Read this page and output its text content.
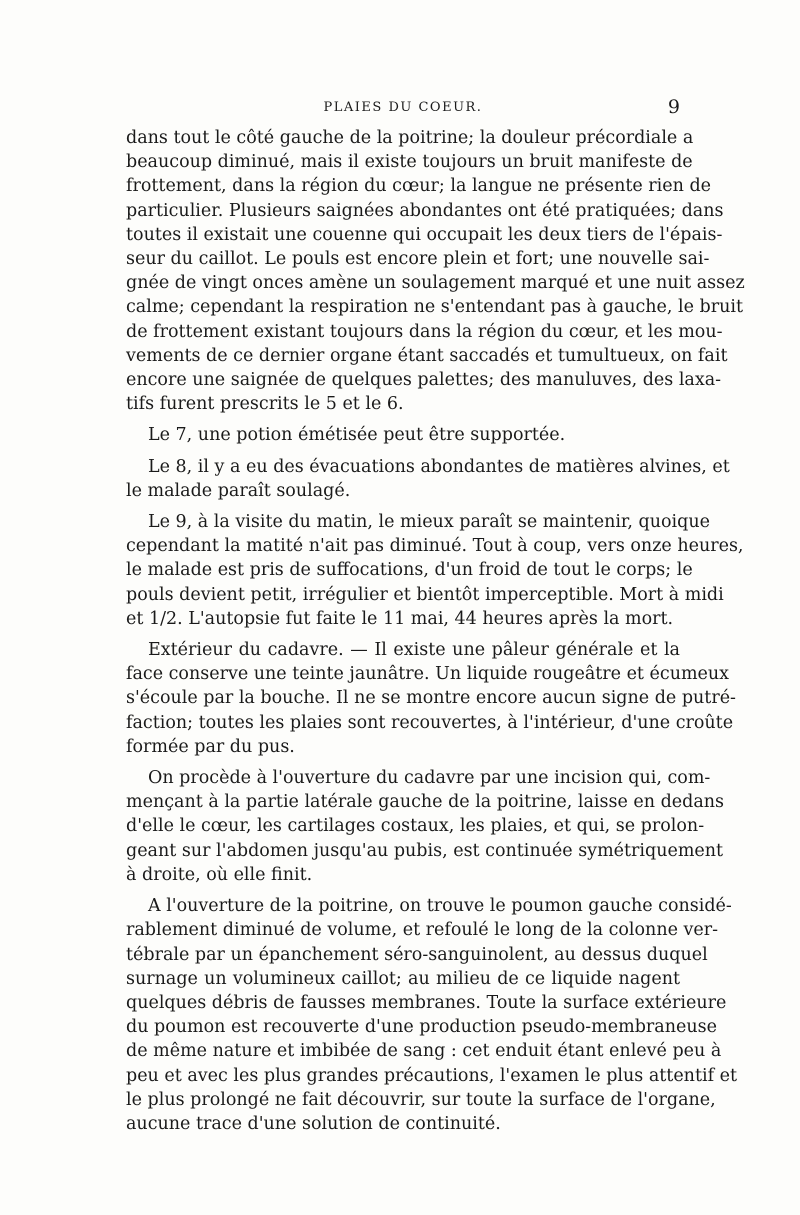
PLAIES DU COEUR.	9

dans tout le côté gauche de la poitrine; la douleur précordiale a
beaucoup diminué, mais il existe toujours un bruit manifeste de
frottement, dans la région du cœur; la langue ne présente rien de
particulier. Plusieurs saignées abondantes ont été pratiquées; dans
toutes il existait une couenne qui occupait les deux tiers de l'épais-
seur du caillot. Le pouls est encore plein et fort; une nouvelle sai-
gnée de vingt onces amène un soulagement marqué et une nuit assez
calme; cependant la respiration ne s'entendant pas à gauche, le bruit
de frottement existant toujours dans la région du cœur, et les mou-
vements de ce dernier organe étant saccadés et tumultueux, on fait
encore une saignée de quelques palettes; des manuluves, des laxa-
tifs furent prescrits le 5 et le 6.

Le 7, une potion émétisée peut être supportée.

Le 8, il y a eu des évacuations abondantes de matières alvines, et
le malade paraît soulagé.

Le 9, à la visite du matin, le mieux paraît se maintenir, quoique
cependant la matité n'ait pas diminué. Tout à coup, vers onze heures,
le malade est pris de suffocations, d'un froid de tout le corps; le
pouls devient petit, irrégulier et bientôt imperceptible. Mort à midi
et 1/2. L'autopsie fut faite le 11 mai, 44 heures après la mort.

Extérieur du cadavre. — Il existe une pâleur générale et la
face conserve une teinte jaunâtre. Un liquide rougeâtre et écumeux
s'écoule par la bouche. Il ne se montre encore aucun signe de putré-
faction; toutes les plaies sont recouvertes, à l'intérieur, d'une croûte
formée par du pus.

On procède à l'ouverture du cadavre par une incision qui, com-
mençant à la partie latérale gauche de la poitrine, laisse en dedans
d'elle le cœur, les cartilages costaux, les plaies, et qui, se prolon-
geant sur l'abdomen jusqu'au pubis, est continuée symétriquement
à droite, où elle finit.

A l'ouverture de la poitrine, on trouve le poumon gauche considé-
rablement diminué de volume, et refoulé le long de la colonne ver-
tébrale par un épanchement séro-sanguinolent, au dessus duquel
surnage un volumineux caillot; au milieu de ce liquide nagent
quelques débris de fausses membranes. Toute la surface extérieure
du poumon est recouverte d'une production pseudo-membraneuse
de même nature et imbibée de sang : cet enduit étant enlevé peu à
peu et avec les plus grandes précautions, l'examen le plus attentif et
le plus prolongé ne fait découvrir, sur toute la surface de l'organe,
aucune trace d'une solution de continuité.
